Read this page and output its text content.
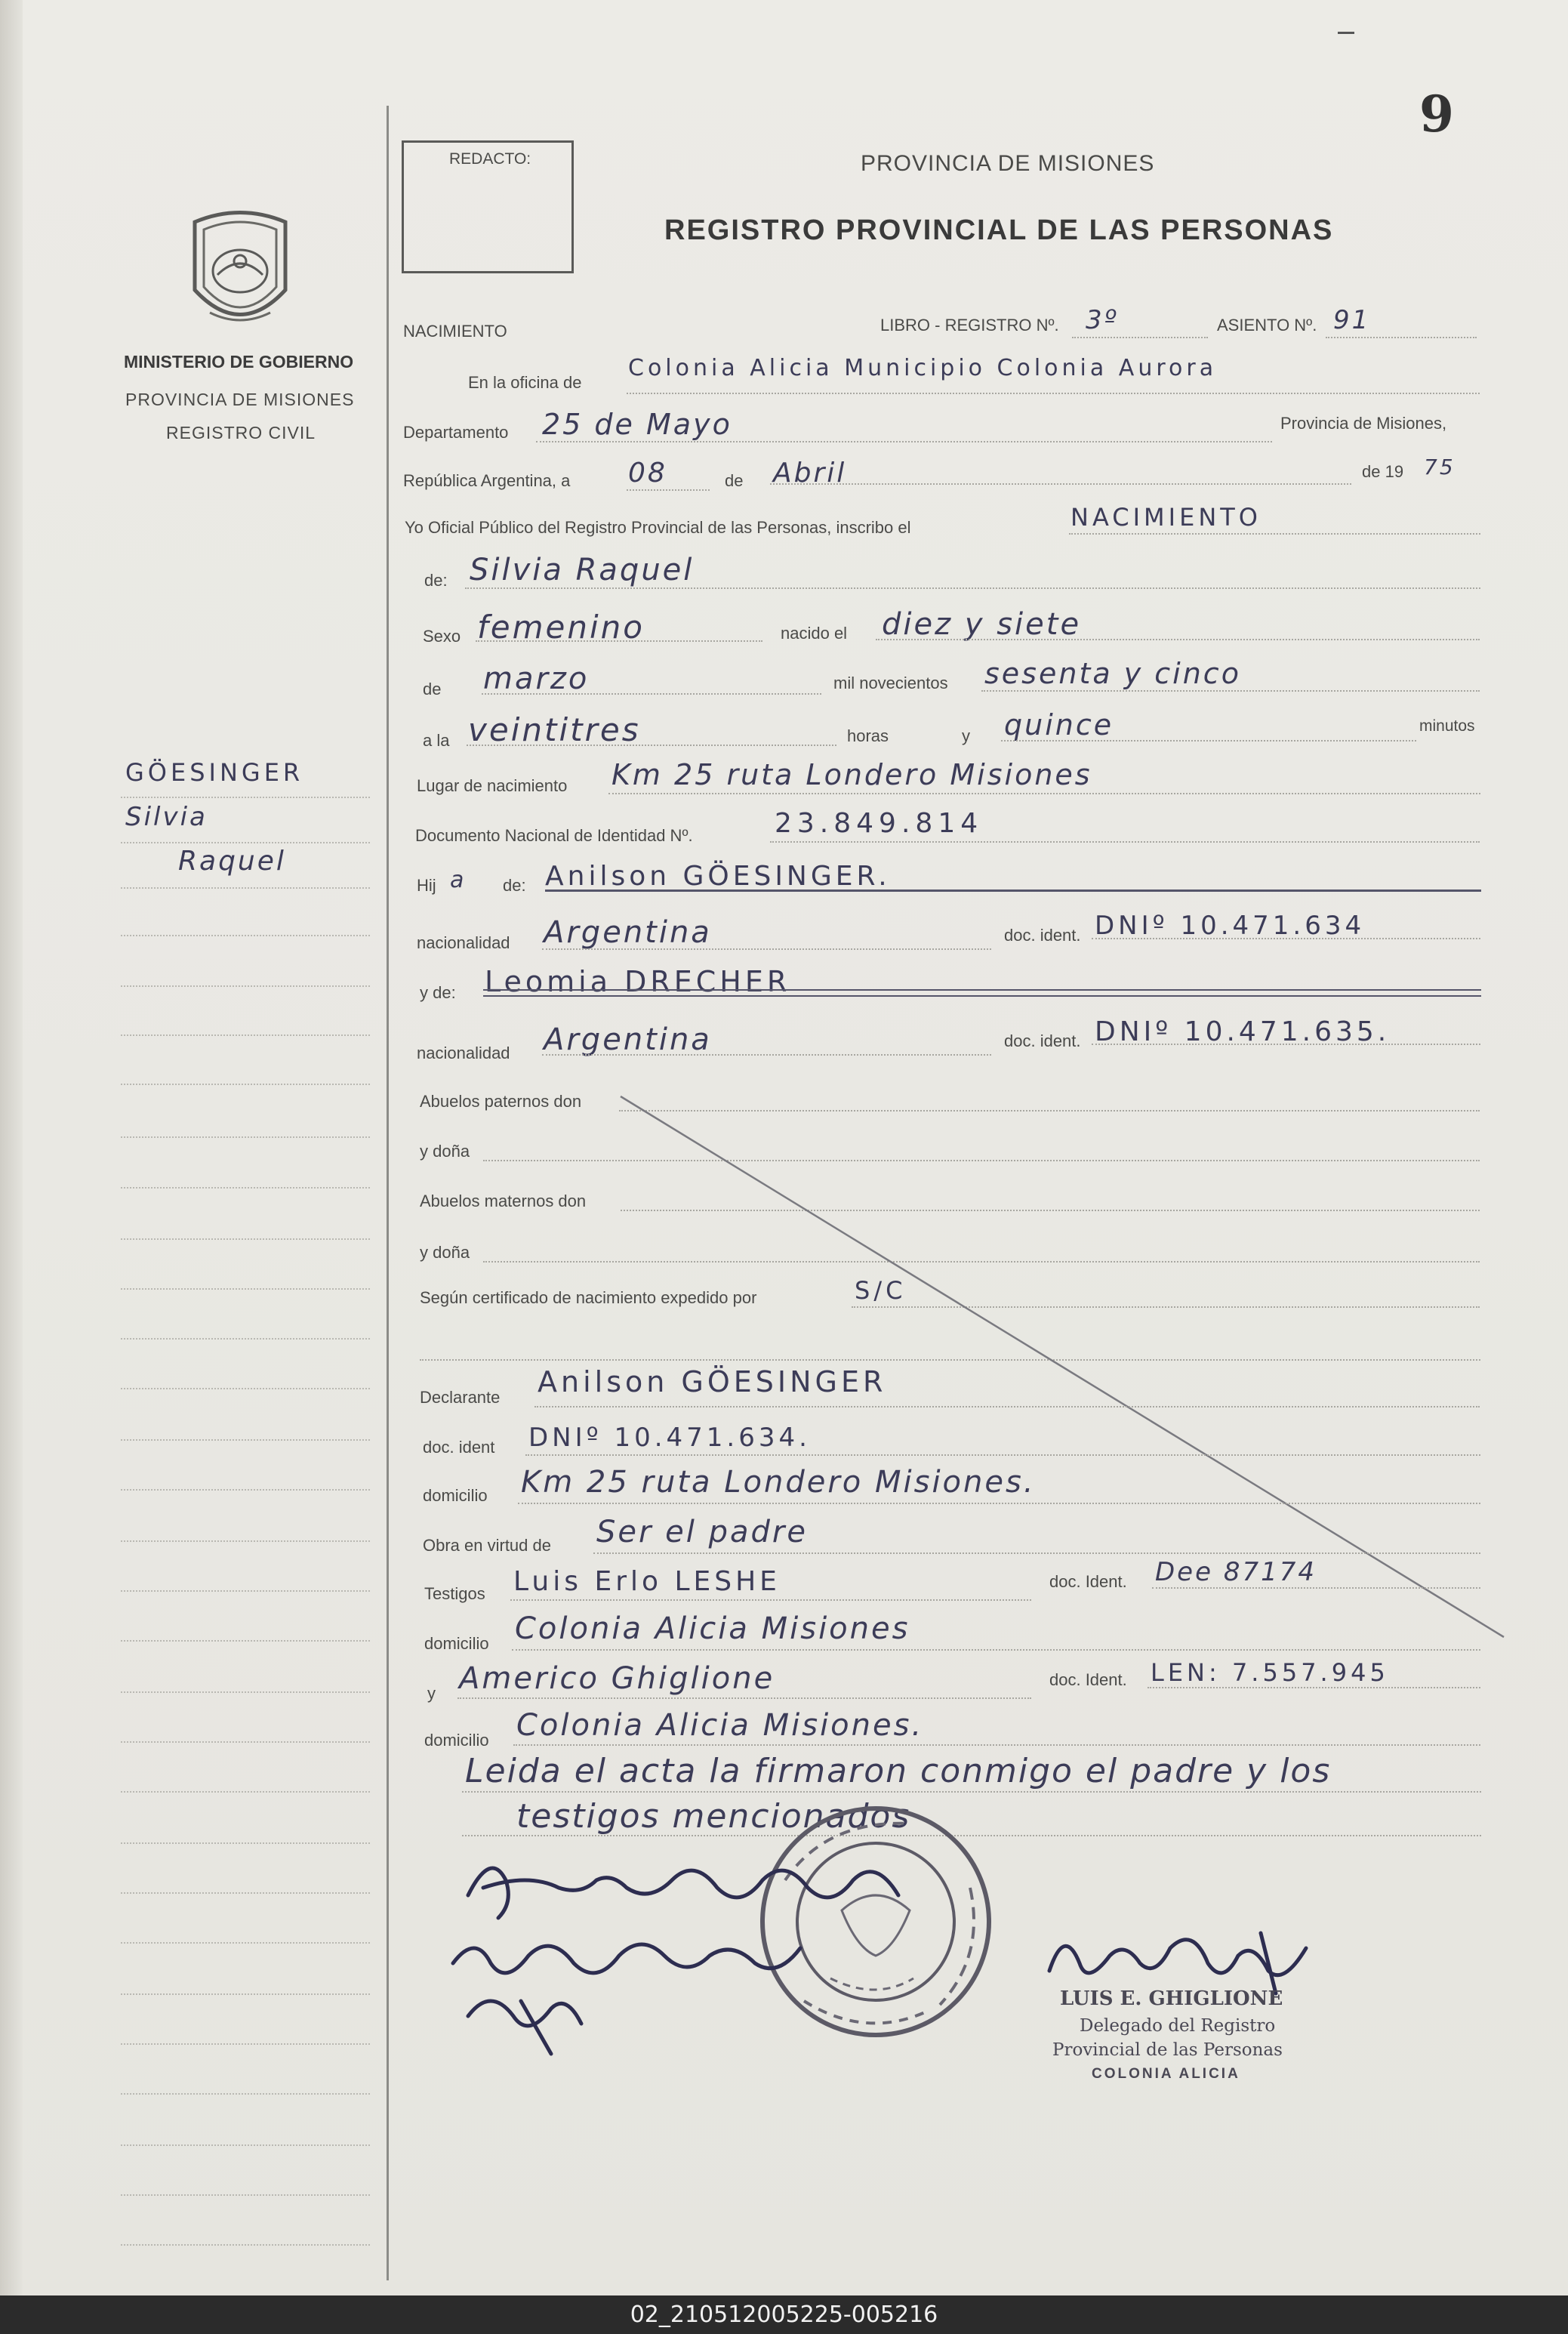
9
REDACTO:	PROVINCIA DE MISIONES
REGISTRO PROVINCIAL DE LAS PERSONAS
MINISTERIO DE GOBIERNO
PROVINCIA DE MISIONES
REGISTRO CIVIL
GÖESINGER
Silvia
Raquel
NACIMIENTO	LIBRO - REGISTRO Nº. 3º	ASIENTO Nº. 91
En la oficina de
Colonia Alicia Municipio Colonia Aurora
Departamento 25 de Mayo	Provincia de Misiones,
República Argentina, a 08	de Abril	de 19 75
Yo Oficial Público del Registro Provincial de las Personas, inscribo el	NACIMIENTO
de: Silvia Raquel
Sexo femenino	nacido el diez y siete
de marzo	mil novecientos sesenta y cinco
a la veintitres	horas	y quince	minutos
Lugar de nacimiento Km 25 ruta Londero Misiones
Documento Nacional de Identidad Nº.	23.849.814
Hij a de: Anilson GÖESINGER.
nacionalidad Argentina	doc. ident. DNIº 10.471.634
y de: Leomia DRECHER
nacionalidad Argentina	doc. ident. DNIº 10.471.635.
Abuelos paternos don
y doña
Abuelos maternos don
y doña
Según certificado de nacimiento expedido por	S/C
Declarante Anilson GÖESINGER
doc. ident DNIº 10.471.634.
domicilio Km 25 ruta Londero Misiones.
Obra en virtud de Ser el padre
Testigos Luis Erlo LESHE	doc. Ident. Dee 87174
domicilio Colonia Alicia Misiones
y Americo Ghiglione	doc. Ident. LEN: 7.557.945
domicilio Colonia Alicia Misiones.
Leida el acta la firmaron conmigo el padre y los
testigos mencionados
LUIS E. GHIGLIONE
Delegado del Registro
Provincial de las Personas
COLONIA ALICIA
02_210512005225-005216
